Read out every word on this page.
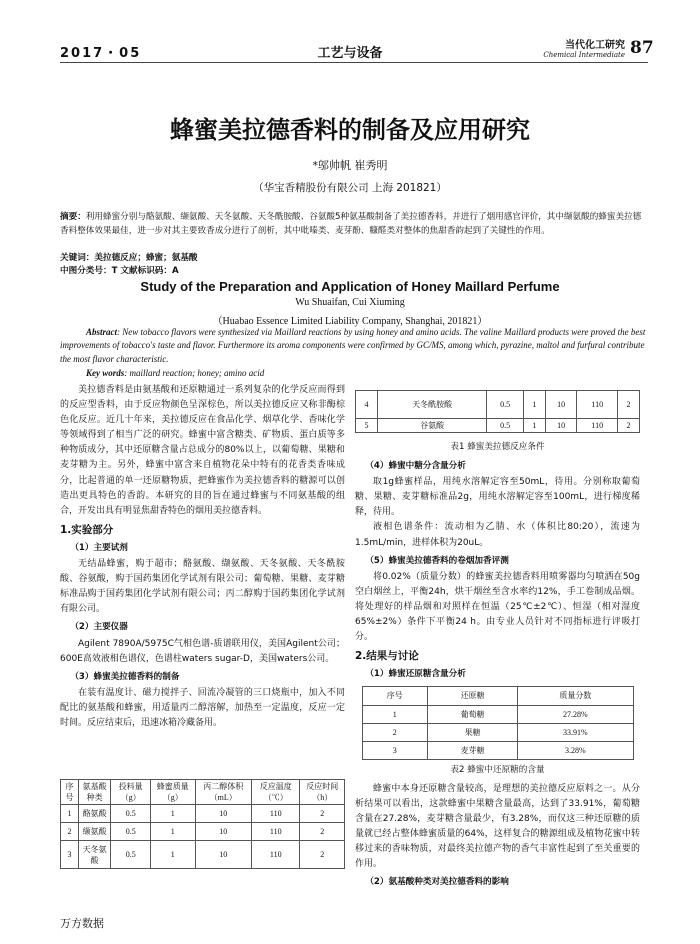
2017・05	工艺与设备
当代化工研究
Chemical Intermediate 87
蜂蜜美拉德香料的制备及应用研究
*邬帅帆 崔秀明
（华宝香精股份有限公司 上海 201821）
摘要：利用蜂蜜分别与酪氨酸、缬氨酸、天冬氨酸、天冬酰胺酸、谷氨酸5种氨基酸制备了美拉德香料，并进行了烟用感官评价，其中缬氨酸的蜂蜜美拉德香料整体效果最佳，进一步对其主要致香成分进行了剖析，其中吡嗪类、麦芽酚、糠醛类对整体的焦甜香韵起到了关键性的作用。
关键词：美拉德反应；蜂蜜；氨基酸
中图分类号：T 文献标识码：A
Study of the Preparation and Application of Honey Maillard Perfume
Wu Shuaifan, Cui Xiuming
（Huabao Essence Limited Liability Company, Shanghai, 201821）
Abstract: New tobacco flavors were synthesized via Maillard reactions by using honey and amino acids. The valine Maillard products were proved the best improvements of tobacco's taste and flavor. Furthermore its aroma components were confirmed by GC/MS, among which, pyrazine, maltol and furfural contribute the most flavor characteristic.
Key words: maillard reaction; honey; amino acid

美拉德香料是由氨基酸和还原糖通过一系列复杂的化学反应而得到的反应型香料，由于反应物颜色呈深棕色，所以美拉德反应又称非酶棕色化反应。近几十年来，美拉德反应在食品化学、烟草化学、香味化学等领域得到了相当广泛的研究。蜂蜜中富含糖类、矿物质、蛋白质等多种物质成分，其中还原糖含量占总成分的80%以上，以葡萄糖、果糖和麦芽糖为主。另外，蜂蜜中富含来自植物花朵中特有的花香类香味成分，比起普通的单一还原糖物质，把蜂蜜作为美拉德香料的糖源可以创造出更具特色的香韵。本研究的目的旨在通过蜂蜜与不同氨基酸的组合，开发出具有明显焦甜香特色的烟用美拉德香料。

1.实验部分
（1）主要试剂

无结晶蜂蜜，购于超市；酪氨酸、缬氨酸、天冬氨酸、天冬酰胺酸、谷氨酸，购于国药集团化学试剂有限公司；葡萄糖、果糖、麦芽糖标准品购于国药集团化学试剂有限公司；丙二醇购于国药集团化学试剂有限公司。

（2）主要仪器

Agilent 7890A/5975C气相色谱-质谱联用仪，美国Agilent公司；600E高效液相色谱仪，色谱柱waters sugar-D，美国waters公司。

（3）蜂蜜美拉德香料的制备

在装有温度计、磁力搅拌子、回流冷凝管的三口烧瓶中，加入不同配比的氨基酸和蜂蜜，用适量丙二醇溶解，加热至一定温度，反应一定时间。反应结束后，迅速冰箱冷藏备用。

序号	氨基酸种类	投料量（g）	蜂蜜质量（g）	丙二醇体积（mL）	反应温度（℃）	反应时间（h）
1	酪氨酸	0.5	1	10	110	2
2	缬氨酸	0.5	1	10	110	2
3	天冬氨酸	0.5	1	10	110	2
4	天冬酰胺酸	0.5	1	10	110	2
5	谷氨酸	0.5	1	10	110	2
表1 蜂蜜美拉德反应条件
（4）蜂蜜中糖分含量分析

取1g蜂蜜样品，用纯水溶解定容至50mL，待用。分别称取葡萄糖、果糖、麦芽糖标准品2g，用纯水溶解定容至100mL，进行梯度稀释，待用。

液相色谱条件：流动相为乙腈、水（体积比80:20），流速为1.5mL/min，进样体积为20uL。

（5）蜂蜜美拉德香料的卷烟加香评测

将0.02%（质量分数）的蜂蜜美拉德香料用喷雾器均匀喷洒在50g空白烟丝上，平衡24h，烘干烟丝至含水率约12%，手工卷制成品烟。将处理好的样品烟和对照样在恒温（25℃±2℃）、恒湿（相对湿度65%±2%）条件下平衡24 h。由专业人员针对不同指标进行评吸打分。

2.结果与讨论
（1）蜂蜜还原糖含量分析
序号	还原糖	质量分数
1	葡萄糖	27.28%
2	果糖	33.91%
3	麦芽糖	3.28%
表2 蜂蜜中还原糖的含量

蜂蜜中本身还原糖含量较高，是理想的美拉德反应原料之一。从分析结果可以看出，这款蜂蜜中果糖含量最高，达到了33.91%，葡萄糖含量在27.28%，麦芽糖含量最少，有3.28%，而仅这三种还原糖的质量就已经占整体蜂蜜质量的64%，这样复合的糖源组成及植物花蜜中转移过来的香味物质，对最终美拉德产物的香气丰富性起到了至关重要的作用。

（2）氨基酸种类对美拉德香料的影响
万方数据
